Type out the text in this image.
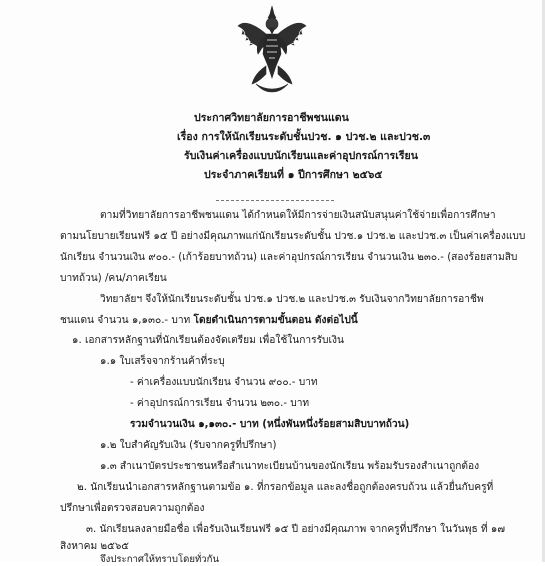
ประกาศวิทยาลัยการอาชีพชนแดน
เรื่อง การให้นักเรียนระดับชั้นปวช. ๑ ปวช.๒ และปวช.๓
รับเงินค่าเครื่องแบบนักเรียนและค่าอุปกรณ์การเรียน
ประจำภาคเรียนที่ ๑ ปีการศึกษา ๒๕๖๕
ตามที่วิทยาลัยการอาชีพชนแดน ได้กำหนดให้มีการจ่ายเงินสนับสนุนค่าใช้จ่ายเพื่อการศึกษา
ตามนโยบายเรียนฟรี ๑๕ ปี อย่างมีคุณภาพแก่นักเรียนระดับชั้น ปวช.๑ ปวช.๒ และปวช.๓ เป็นค่าเครื่องแบบ
นักเรียน จำนวนเงิน ๙๐๐.- (เก้าร้อยบาทถ้วน) และค่าอุปกรณ์การเรียน จำนวนเงิน ๒๓๐.- (สองร้อยสามสิบ
บาทถ้วน) /คน/ภาคเรียน
วิทยาลัยฯ จึงให้นักเรียนระดับชั้น ปวช.๑ ปวช.๒ และปวช.๓ รับเงินจากวิทยาลัยการอาชีพ
ชนแดน จำนวน ๑,๑๓๐.- บาท โดยดำเนินการตามขั้นตอน ดังต่อไปนี้
๑. เอกสารหลักฐานที่นักเรียนต้องจัดเตรียม เพื่อใช้ในการรับเงิน
๑.๑ ใบเสร็จจากร้านค้าที่ระบุ
- ค่าเครื่องแบบนักเรียน จำนวน ๙๐๐.- บาท
- ค่าอุปกรณ์การเรียน จำนวน ๒๓๐.- บาท
รวมจำนวนเงิน ๑,๑๓๐.- บาท (หนึ่งพันหนึ่งร้อยสามสิบบาทถ้วน)
๑.๒ ใบสำคัญรับเงิน (รับจากครูที่ปรึกษา)
๑.๓ สำเนาบัตรประชาชนหรือสำเนาทะเบียนบ้านของนักเรียน พร้อมรับรองสำเนาถูกต้อง
๒. นักเรียนนำเอกสารหลักฐานตามข้อ ๑. ที่กรอกข้อมูล และลงชื่อถูกต้องครบถ้วน แล้วยื่นกับครูที่
ปรึกษาเพื่อตรวจสอบความถูกต้อง
๓. นักเรียนลงลายมือชื่อ เพื่อรับเงินเรียนฟรี ๑๕ ปี อย่างมีคุณภาพ จากครูที่ปรึกษา ในวันพุธ ที่ ๑๗
สิงหาคม ๒๕๖๕
จึงประกาศให้ทราบโดยทั่วกัน
